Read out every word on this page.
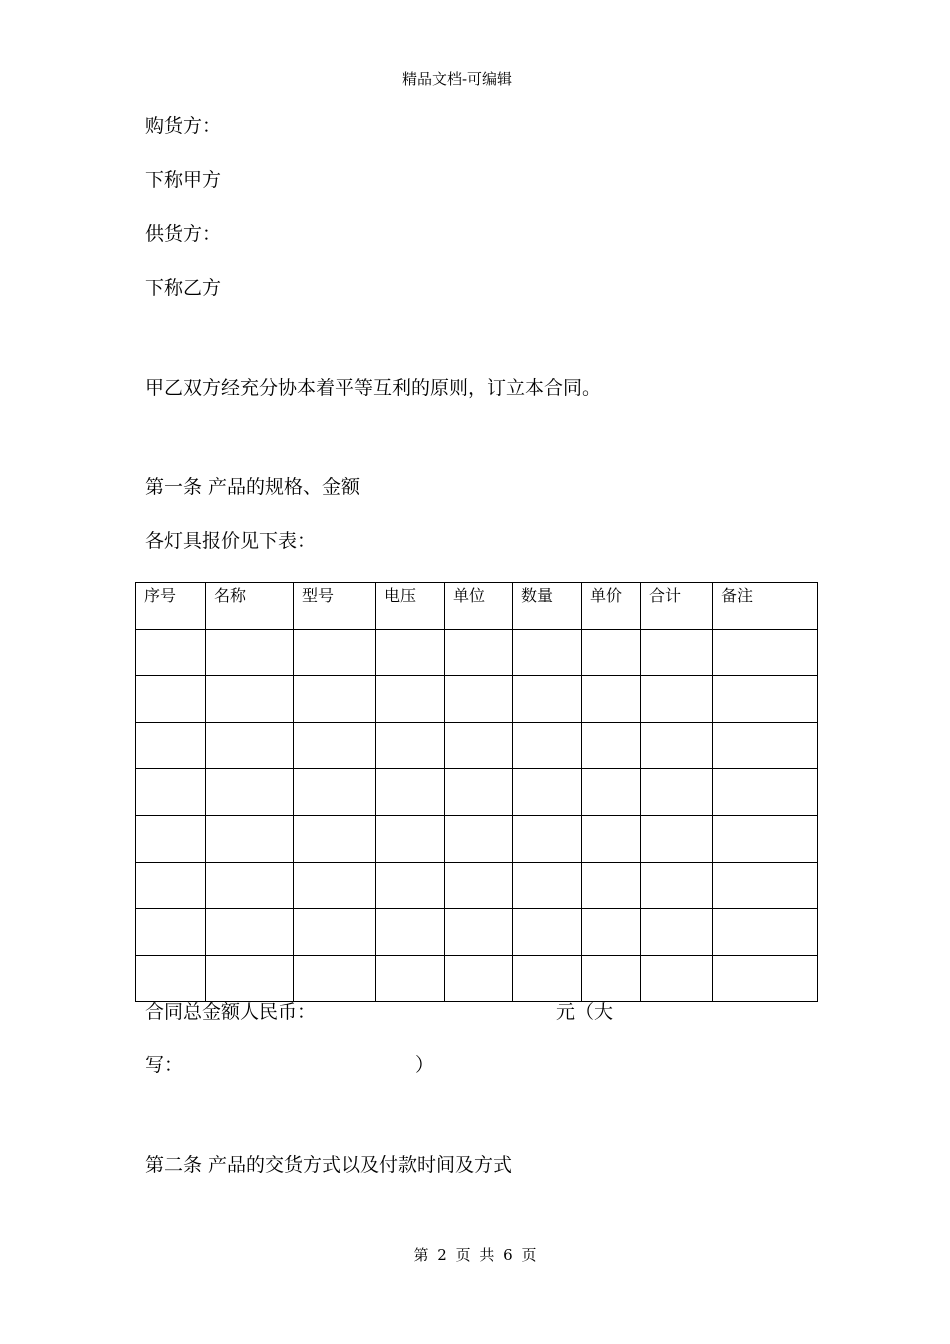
精品文档-可编辑
购货方：
下称甲方
供货方：
下称乙方
甲乙双方经充分协本着平等互利的原则，订立本合同。
第一条 产品的规格、金额
各灯具报价见下表：
序号	名称	型号	电压	单位	数量	单价	合计	备注

合同总金额人民币：	元（大
写：	）
第二条 产品的交货方式以及付款时间及方式
第 2 页 共 6 页
